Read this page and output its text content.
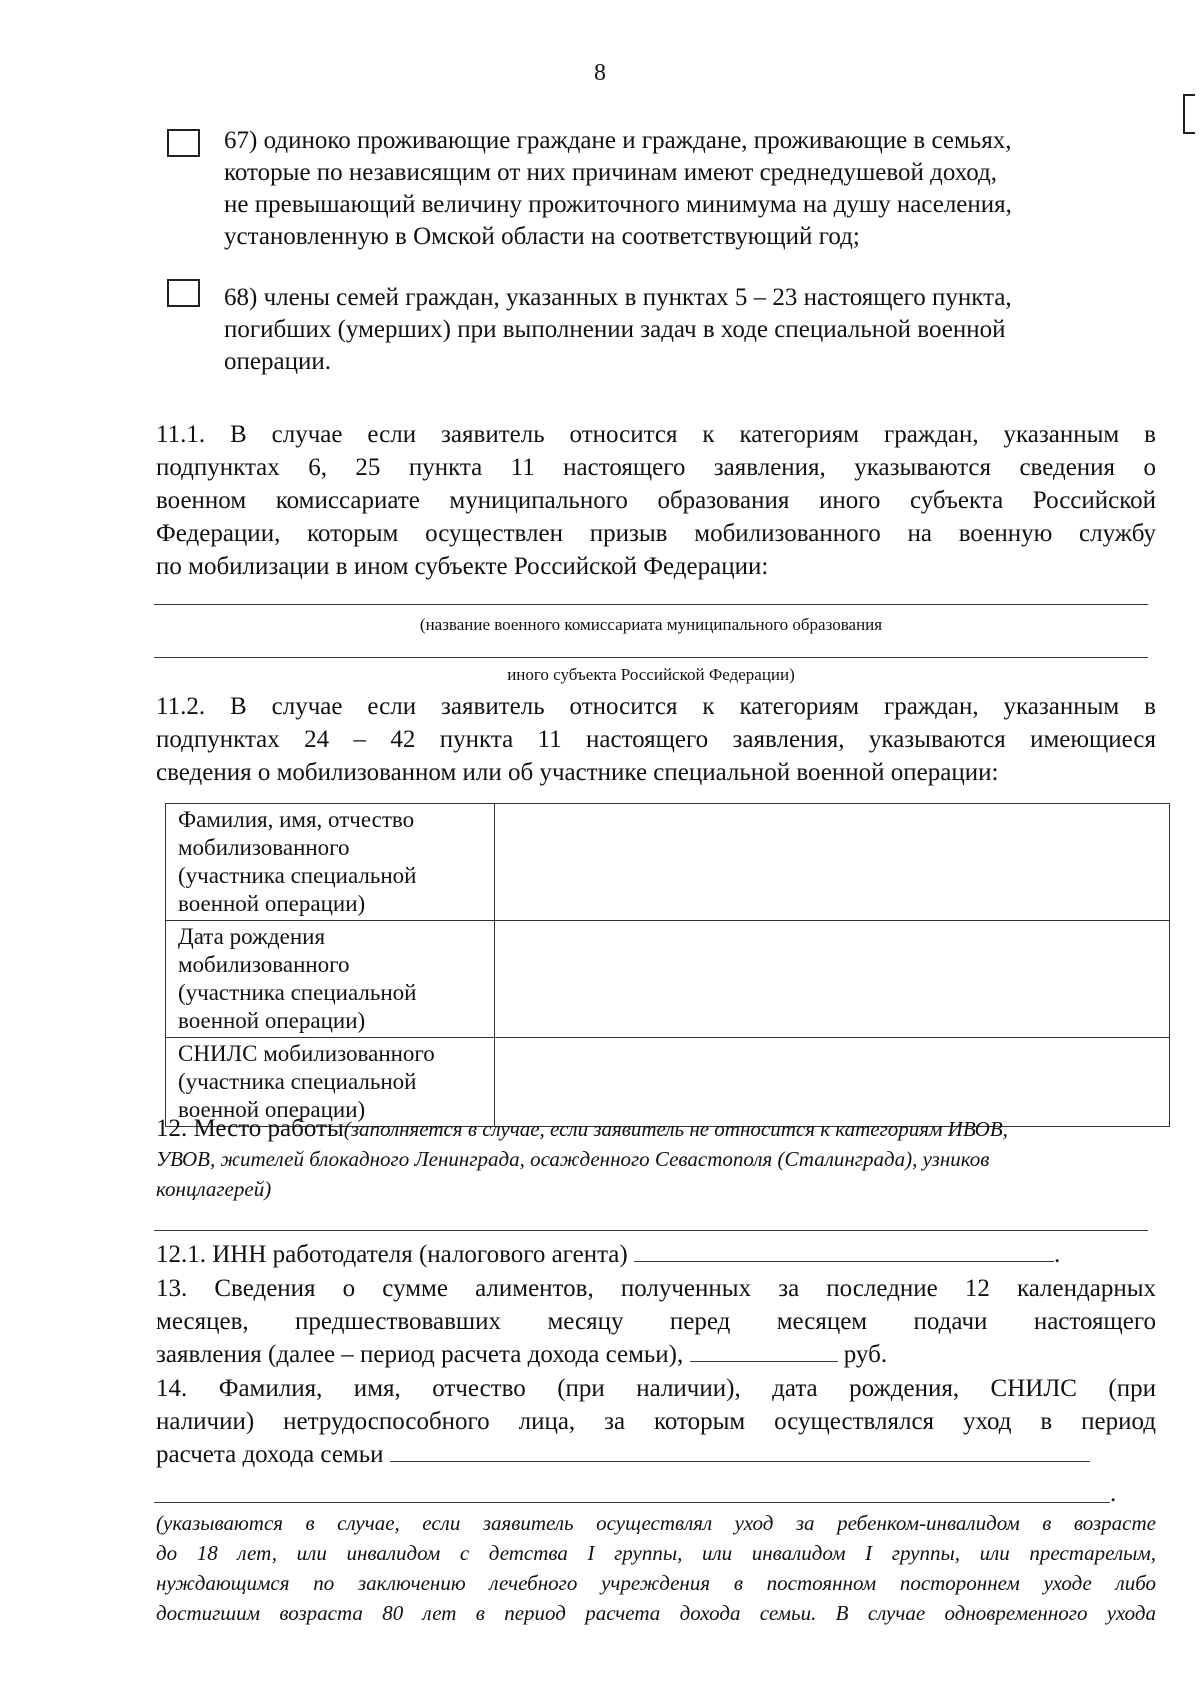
8
67) одиноко проживающие граждане и граждане, проживающие в семьях,
которые по независящим от них причинам имеют среднедушевой доход,
не превышающий величину прожиточного минимума на душу населения,
установленную в Омской области на соответствующий год;
68) члены семей граждан, указанных в пунктах 5 – 23 настоящего пункта,
погибших (умерших) при выполнении задач в ходе специальной военной
операции.
11.1. В случае если заявитель относится к категориям граждан, указанным в
подпунктах 6, 25 пункта 11 настоящего заявления, указываются сведения о
военном комиссариате муниципального образования иного субъекта Российской
Федерации, которым осуществлен призыв мобилизованного на военную службу
по мобилизации в ином субъекте Российской Федерации:
(название военного комиссариата муниципального образования
иного субъекта Российской Федерации)
11.2. В случае если заявитель относится к категориям граждан, указанным в
подпунктах 24 – 42 пункта 11 настоящего заявления, указываются имеющиеся
сведения о мобилизованном или об участнике специальной военной операции:
Фамилия, имя, отчество
мобилизованного
(участника специальной
военной операции)	

Дата рождения
мобилизованного
(участника специальной
военной операции)	

СНИЛС мобилизованного
(участника специальной
военной операции)	

12. Место работы(заполняется в случае, если заявитель не относится к категориям ИВОВ,
УВОВ, жителей блокадного Ленинграда, осажденного Севастополя (Сталинграда), узников
концлагерей)
12.1. ИНН работодателя (налогового агента)	.
13. Сведения о сумме алиментов, полученных за последние 12 календарных
месяцев, предшествовавших месяцу перед месяцем подачи настоящего
заявления (далее – период расчета дохода семьи),	руб.
14. Фамилия, имя, отчество (при наличии), дата рождения, СНИЛС (при
наличии) нетрудоспособного лица, за которым осуществлялся уход в период
расчета дохода семьи
.
(указываются в случае, если заявитель осуществлял уход за ребенком-инвалидом в возрасте
до 18 лет, или инвалидом с детства I группы, или инвалидом I группы, или престарелым,
нуждающимся по заключению лечебного учреждения в постоянном постороннем уходе либо
достигшим возраста 80 лет в период расчета дохода семьи. В случае одновременного ухода
